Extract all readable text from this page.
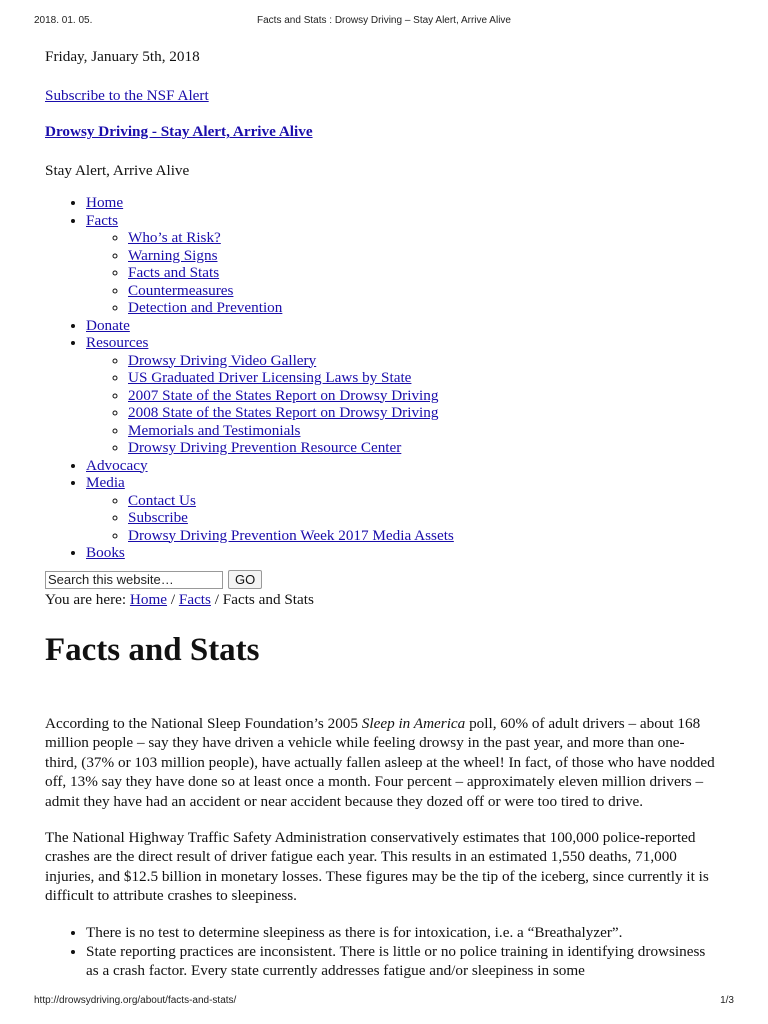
2018. 01. 05.	Facts and Stats : Drowsy Driving – Stay Alert, Arrive Alive
Friday, January 5th, 2018
Subscribe to the NSF Alert
Drowsy Driving - Stay Alert, Arrive Alive
Stay Alert, Arrive Alive
• Home
• Facts
◦ Who’s at Risk?
◦ Warning Signs
◦ Facts and Stats
◦ Countermeasures
◦ Detection and Prevention
• Donate
• Resources
◦ Drowsy Driving Video Gallery
◦ US Graduated Driver Licensing Laws by State
◦ 2007 State of the States Report on Drowsy Driving
◦ 2008 State of the States Report on Drowsy Driving
◦ Memorials and Testimonials
◦ Drowsy Driving Prevention Resource Center
• Advocacy
• Media
◦ Contact Us
◦ Subscribe
◦ Drowsy Driving Prevention Week 2017 Media Assets
• Books
Search this website…
GO
You are here: Home / Facts / Facts and Stats
Facts and Stats

According to the National Sleep Foundation’s 2005 Sleep in America poll, 60% of adult drivers – about 168 million people – say they have driven a vehicle while feeling drowsy in the past year, and more than one-third, (37% or 103 million people), have actually fallen asleep at the wheel! In fact, of those who have nodded off, 13% say they have done so at least once a month. Four percent – approximately eleven million drivers – admit they have had an accident or near accident because they dozed off or were too tired to drive.

The National Highway Traffic Safety Administration conservatively estimates that 100,000 police-reported crashes are the direct result of driver fatigue each year. This results in an estimated 1,550 deaths, 71,000 injuries, and $12.5 billion in monetary losses. These figures may be the tip of the iceberg, since currently it is difficult to attribute crashes to sleepiness.

• There is no test to determine sleepiness as there is for intoxication, i.e. a “Breathalyzer”.
• State reporting practices are inconsistent. There is little or no police training in identifying drowsiness as a crash factor. Every state currently addresses fatigue and/or sleepiness in some
http://drowsydriving.org/about/facts-and-stats/	1/3
